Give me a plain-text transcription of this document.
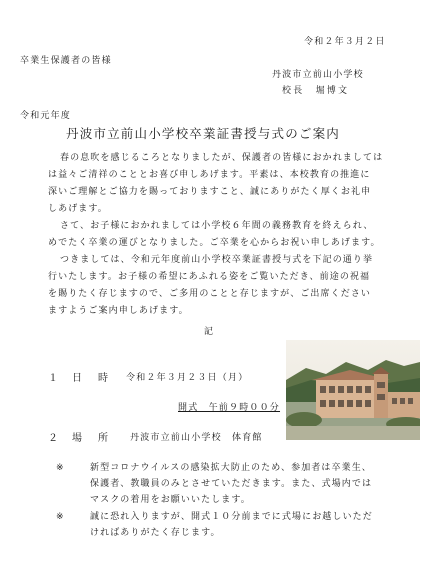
令和２年３月２日
卒業生保護者の皆様
丹波市立前山小学校
校長　堀博文
令和元年度
丹波市立前山小学校卒業証書授与式のご案内

春の息吹を感じるころとなりましたが、保護者の皆様におかれましては

は益々ご清祥のこととお喜び申しあげます。平素は、本校教育の推進に

深いご理解とご協力を賜っておりますこと、誠にありがたく厚くお礼申

しあげます。

さて、お子様におかれましては小学校６年間の義務教育を終えられ、

めでたく卒業の運びとなりました。ご卒業を心からお祝い申しあげます。

つきましては、令和元年度前山小学校卒業証書授与式を下記の通り挙

行いたします。お子様の希望にあふれる姿をご覧いただき、前途の祝福

を賜りたく存じますので、ご多用のことと存じますが、ご出席ください

ますようご案内申しあげます。

記
１ 日　時 令和２年３月２３日（月）
開式　午前９時００分
２ 場　所 丹波市立前山小学校　体育館
※	新型コロナウイルスの感染拡大防止のため、参加者は卒業生、
保護者、教職員のみとさせていただきます。また、式場内では
マスクの着用をお願いいたします。
※	誠に恐れ入りますが、開式１０分前までに式場にお越しいただ
ければありがたく存じます。
